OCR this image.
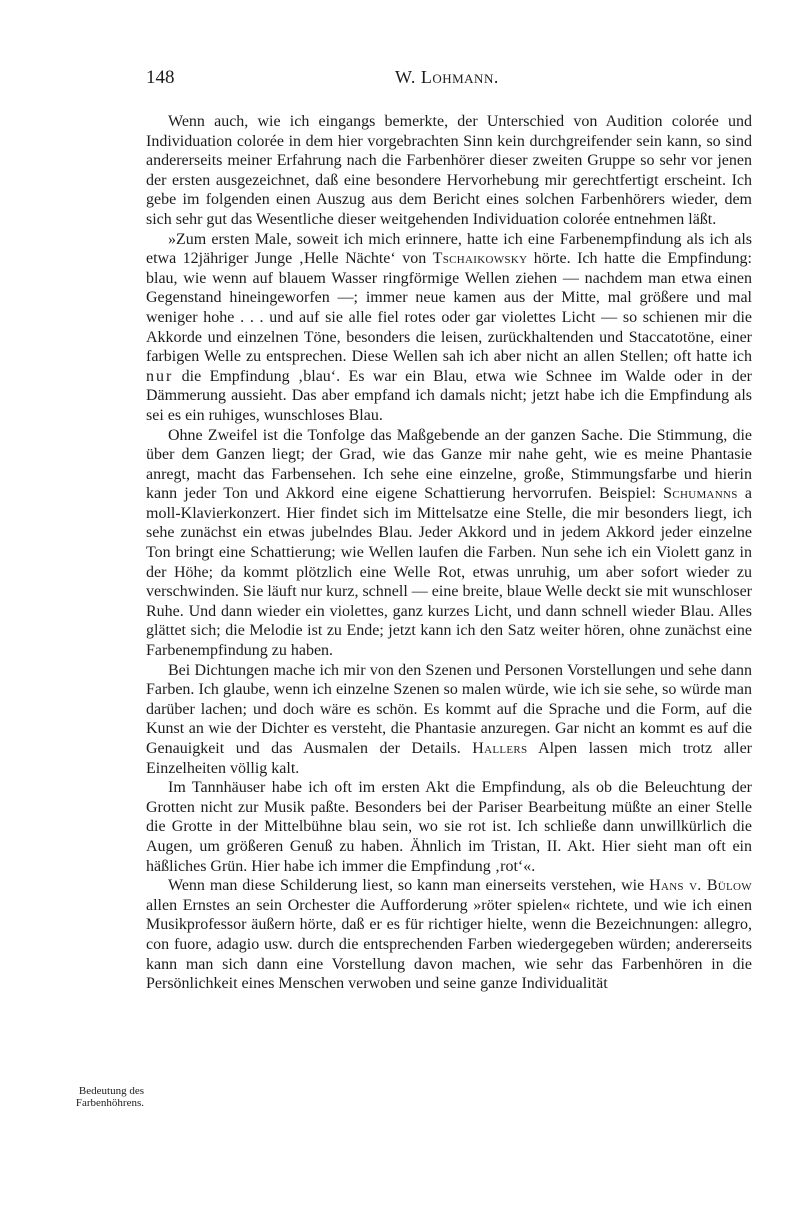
148	W. Lohmann.
Bedeutung des Farbenhöhrens.

Wenn auch, wie ich eingangs bemerkte, der Unterschied von Audition colorée und Individuation colorée in dem hier vorgebrachten Sinn kein durchgreifender sein kann, so sind andererseits meiner Erfahrung nach die Farbenhörer dieser zweiten Gruppe so sehr vor jenen der ersten ausgezeichnet, daß eine besondere Hervorhebung mir gerechtfertigt erscheint. Ich gebe im folgenden einen Auszug aus dem Bericht eines solchen Farbenhörers wieder, dem sich sehr gut das Wesentliche dieser weitgehenden Individuation colorée entnehmen läßt.

»Zum ersten Male, soweit ich mich erinnere, hatte ich eine Farbenempfindung als ich als etwa 12jähriger Junge ‚Helle Nächte‘ von Tschaikowsky hörte. Ich hatte die Empfindung: blau, wie wenn auf blauem Wasser ringförmige Wellen ziehen — nachdem man etwa einen Gegenstand hineingeworfen —; immer neue kamen aus der Mitte, mal größere und mal weniger hohe . . . und auf sie alle fiel rotes oder gar violettes Licht — so schienen mir die Akkorde und einzelnen Töne, besonders die leisen, zurückhaltenden und Staccatotöne, einer farbigen Welle zu entsprechen. Diese Wellen sah ich aber nicht an allen Stellen; oft hatte ich nur die Empfindung ‚blau‘. Es war ein Blau, etwa wie Schnee im Walde oder in der Dämmerung aussieht. Das aber empfand ich damals nicht; jetzt habe ich die Empfindung als sei es ein ruhiges, wunschloses Blau.

Ohne Zweifel ist die Tonfolge das Maßgebende an der ganzen Sache. Die Stimmung, die über dem Ganzen liegt; der Grad, wie das Ganze mir nahe geht, wie es meine Phantasie anregt, macht das Farbensehen. Ich sehe eine einzelne, große, Stimmungsfarbe und hierin kann jeder Ton und Akkord eine eigene Schattierung hervorrufen. Beispiel: Schumanns a moll-Klavierkonzert. Hier findet sich im Mittelsatze eine Stelle, die mir besonders liegt, ich sehe zunächst ein etwas jubelndes Blau. Jeder Akkord und in jedem Akkord jeder einzelne Ton bringt eine Schattierung; wie Wellen laufen die Farben. Nun sehe ich ein Violett ganz in der Höhe; da kommt plötzlich eine Welle Rot, etwas unruhig, um aber sofort wieder zu verschwinden. Sie läuft nur kurz, schnell — eine breite, blaue Welle deckt sie mit wunschloser Ruhe. Und dann wieder ein violettes, ganz kurzes Licht, und dann schnell wieder Blau. Alles glättet sich; die Melodie ist zu Ende; jetzt kann ich den Satz weiter hören, ohne zunächst eine Farbenempfindung zu haben.

Bei Dichtungen mache ich mir von den Szenen und Personen Vorstellungen und sehe dann Farben. Ich glaube, wenn ich einzelne Szenen so malen würde, wie ich sie sehe, so würde man darüber lachen; und doch wäre es schön. Es kommt auf die Sprache und die Form, auf die Kunst an wie der Dichter es versteht, die Phantasie anzuregen. Gar nicht an kommt es auf die Genauigkeit und das Ausmalen der Details. Hallers Alpen lassen mich trotz aller Einzelheiten völlig kalt.

Im Tannhäuser habe ich oft im ersten Akt die Empfindung, als ob die Beleuchtung der Grotten nicht zur Musik paßte. Besonders bei der Pariser Bearbeitung müßte an einer Stelle die Grotte in der Mittelbühne blau sein, wo sie rot ist. Ich schließe dann unwillkürlich die Augen, um größeren Genuß zu haben. Ähnlich im Tristan, II. Akt. Hier sieht man oft ein häßliches Grün. Hier habe ich immer die Empfindung ‚rot‘«.

Wenn man diese Schilderung liest, so kann man einerseits verstehen, wie Hans v. Bülow allen Ernstes an sein Orchester die Aufforderung »röter spielen« richtete, und wie ich einen Musikprofessor äußern hörte, daß er es für richtiger hielte, wenn die Bezeichnungen: allegro, con fuore, adagio usw. durch die entsprechenden Farben wiedergegeben würden; andererseits kann man sich dann eine Vorstellung davon machen, wie sehr das Farbenhören in die Persönlichkeit eines Menschen verwoben und seine ganze Individualität
